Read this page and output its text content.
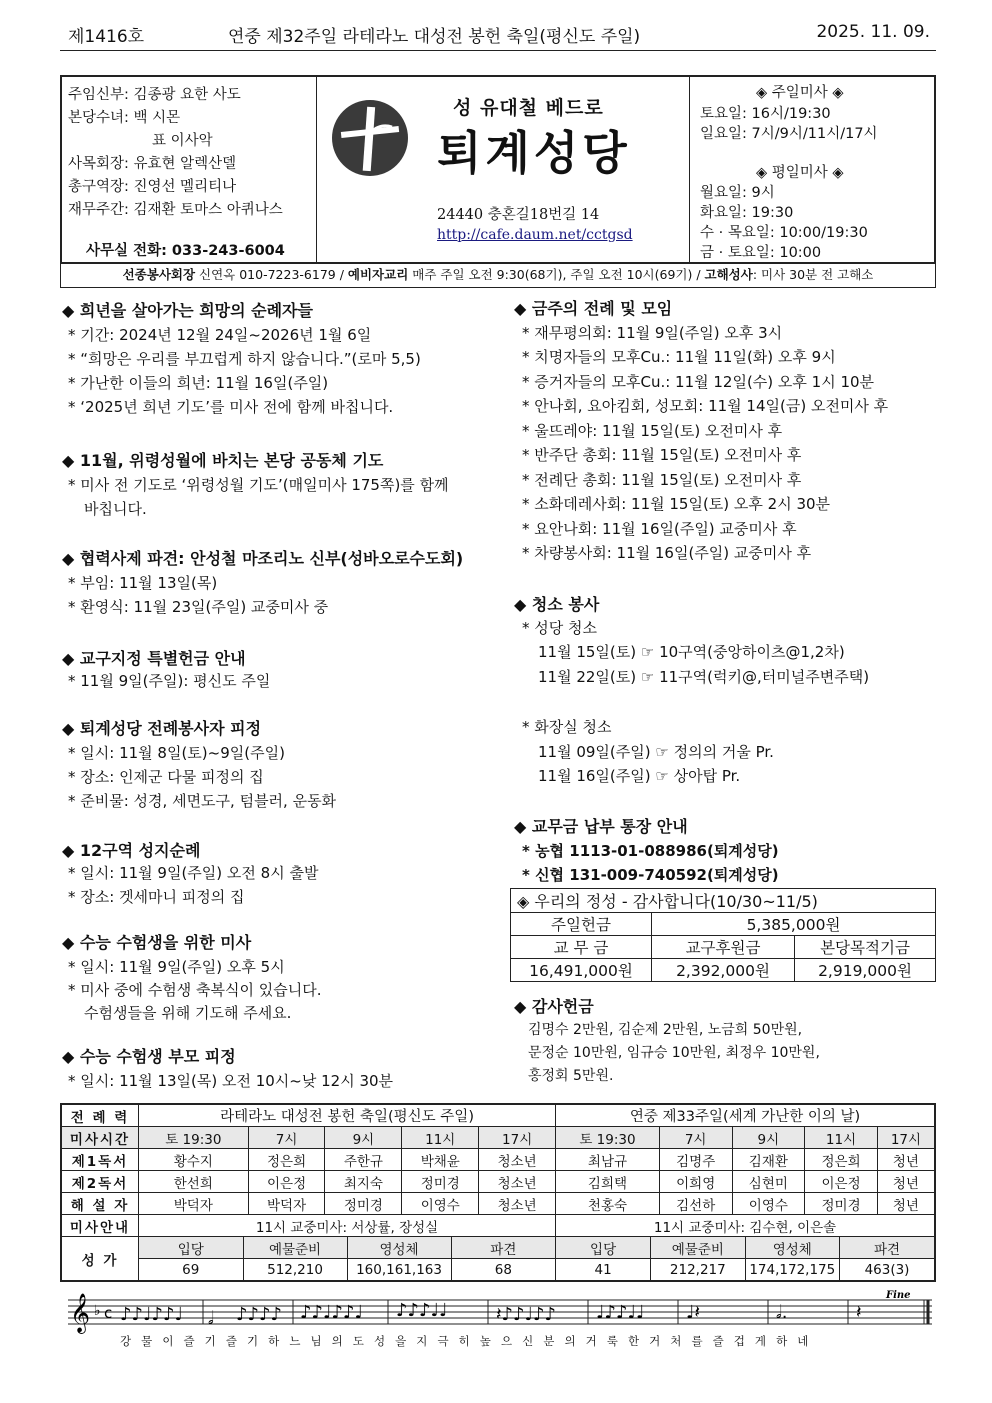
제1416호	연중 제32주일 라테라노 대성전 봉헌 축일(평신도 주일)	2025. 11. 09.
주임신부: 김종광 요한 사도
본당수녀: 백 시몬
표 이사악
사목회장: 유효현 알렉산델
총구역장: 진영선 멜리티나
재무주간: 김재환 토마스 아퀴나스
사무실 전화: 033-243-6004
성 유대철 베드로
퇴계성당
24440 충혼길18번길 14
http://cafe.daum.net/cctgsd
◈ 주일미사 ◈
토요일: 16시/19:30
일요일: 7시/9시/11시/17시
◈ 평일미사 ◈
월요일: 9시
화요일: 19:30
수 · 목요일: 10:00/19:30
금 · 토요일: 10:00
선종봉사회장 신연옥 010-7223-6179 / 예비자교리 매주 주일 오전 9:30(68기), 주일 오전 10시(69기) / 고해성사: 미사 30분 전 고해소
◆ 희년을 살아가는 희망의 순례자들
* 기간: 2024년 12월 24일~2026년 1월 6일
* “희망은 우리를 부끄럽게 하지 않습니다.”(로마 5,5)
* 가난한 이들의 희년: 11월 16일(주일)
* ‘2025년 희년 기도’를 미사 전에 함께 바칩니다.
◆ 11월, 위령성월에 바치는 본당 공동체 기도
* 미사 전 기도로 ‘위령성월 기도’(매일미사 175쪽)를 함께
바칩니다.
◆ 협력사제 파견: 안성철 마조리노 신부(성바오로수도회)
* 부임: 11월 13일(목)
* 환영식: 11월 23일(주일) 교중미사 중
◆ 교구지정 특별헌금 안내
* 11월 9일(주일): 평신도 주일
◆ 퇴계성당 전례봉사자 피정
* 일시: 11월 8일(토)~9일(주일)
* 장소: 인제군 다물 피정의 집
* 준비물: 성경, 세면도구, 텀블러, 운동화
◆ 12구역 성지순례
* 일시: 11월 9일(주일) 오전 8시 출발
* 장소: 겟세마니 피정의 집
◆ 수능 수험생을 위한 미사
* 일시: 11월 9일(주일) 오후 5시
* 미사 중에 수험생 축복식이 있습니다.
수험생들을 위해 기도해 주세요.
◆ 수능 수험생 부모 피정
* 일시: 11월 13일(목) 오전 10시~낮 12시 30분
◆ 금주의 전례 및 모임
* 재무평의회: 11월 9일(주일) 오후 3시
* 치명자들의 모후Cu.: 11월 11일(화) 오후 9시
* 증거자들의 모후Cu.: 11월 12일(수) 오후 1시 10분
* 안나회, 요아킴회, 성모회: 11월 14일(금) 오전미사 후
* 울뜨레야: 11월 15일(토) 오전미사 후
* 반주단 총회: 11월 15일(토) 오전미사 후
* 전례단 총회: 11월 15일(토) 오전미사 후
* 소화데레사회: 11월 15일(토) 오후 2시 30분
* 요안나회: 11월 16일(주일) 교중미사 후
* 차량봉사회: 11월 16일(주일) 교중미사 후
◆ 청소 봉사
* 성당 청소
11월 15일(토) ☞ 10구역(중앙하이츠@1,2차)
11월 22일(토) ☞ 11구역(럭키@,터미널주변주택)
* 화장실 청소
11월 09일(주일) ☞ 정의의 거울 Pr.
11월 16일(주일) ☞ 상아탑 Pr.
◆ 교무금 납부 통장 안내
* 농협 1113-01-088986(퇴계성당)
* 신협 131-009-740592(퇴계성당)
◈ 우리의 정성 - 감사합니다(10/30~11/5)		
주일헌금	5,385,000원	
교 무 금	교구후원금	본당목적기금
16,491,000원	2,392,000원	2,919,000원
◆ 감사헌금
김명수 2만원, 김순제 2만원, 노금희 50만원,
문정순 10만원, 임규승 10만원, 최정우 10만원,
홍정회 5만원.
전 례 력	라테라노 대성전 봉헌 축일(평신도 주일)	연중 제33주일(세계 가난한 이의 날)
미사시간	토 19:30	7시	9시	11시	17시	토 19:30	7시	9시	11시	17시
제1독서	황수지	정은희	주한규	박채윤	청소년	최남규	김명주	김재환	정은희	청년
제2독서	한선희	이은정	최지숙	정미경	청소년	김희택	이희영	심현미	이은정	청년
해 설 자	박덕자	박덕자	정미경	이영수	청소년	천홍숙	김선하	이영수	정미경	청년
미사안내	11시 교중미사: 서상률, 장성실	11시 교중미사: 김수현, 이은솔
성 가	
입당	예물준비	영성체	파견
69	512,210	160,161,163	68

입당	예물준비	영성체	파견
41	212,217	174,172,175	463(3)
𝄞 ♭ c ♪♪♩♪♪♩ 𝅗𝅥 ♪♪♪♪ ♪♪♩♪♪♩ ♪♪♪♩♩	𝄽♪♪♩♪♪ ♩♪♪♩♩ ♩𝄽	𝅗𝅥.	𝄽
Fine
강 물 이 즐 기 즐 기 하 느 님 의 도 성 을 지 극 히 높 으 신 분 의 거 룩 한 거 처 를 즐 겁 게 하 네
